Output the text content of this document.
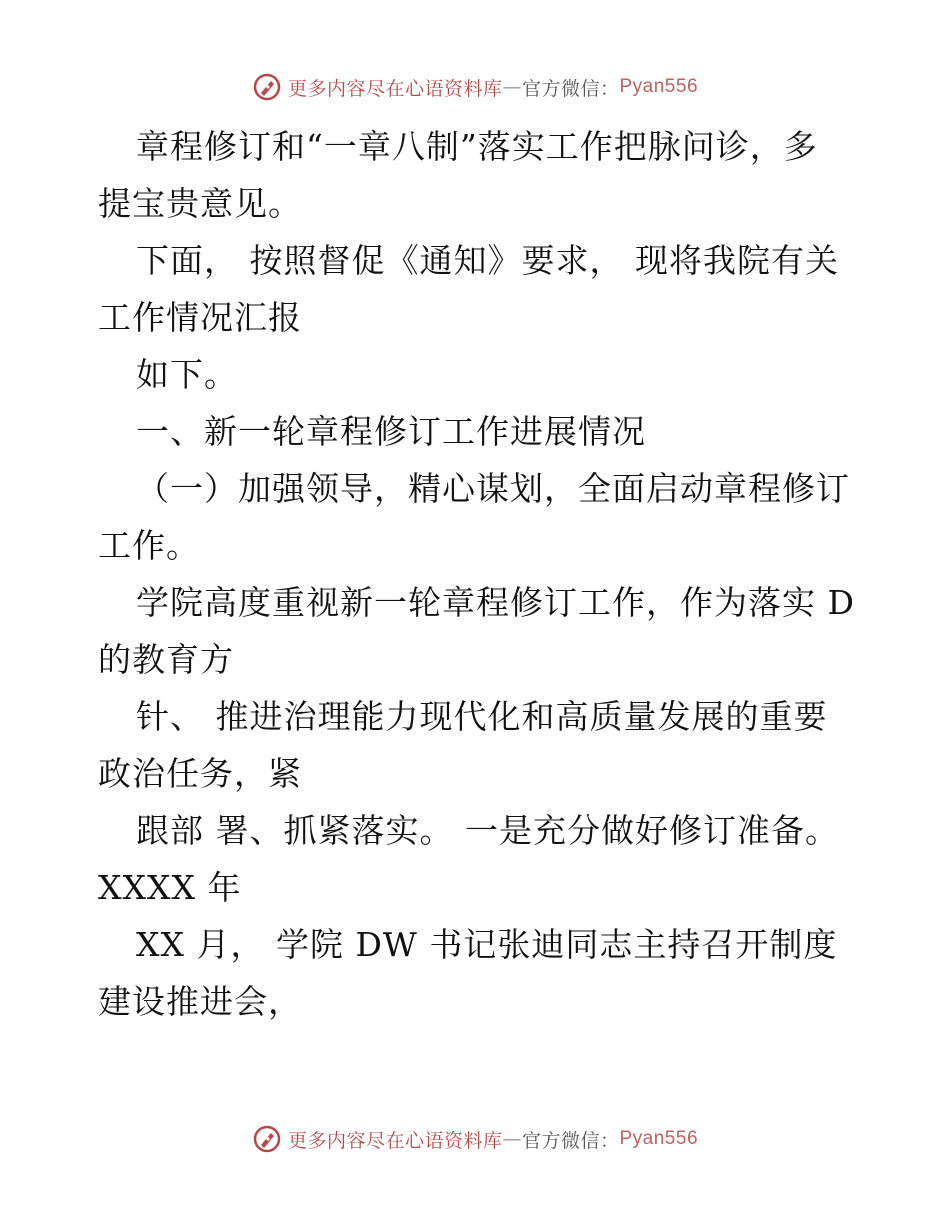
更多内容尽在心语资料库 — 官方微信： Pyan556
章程修订和“一章八制”落实工作把脉问诊，多
提宝贵意见。
下面， 按照督促《通知》要求， 现将我院有关
工作情况汇报
如下。
一、新一轮章程修订工作进展情况
（一）加强领导，精心谋划，全面启动章程修订
工作。
学院高度重视新一轮章程修订工作，作为落实 D
的教育方
针、 推进治理能力现代化和高质量发展的重要
政治任务，紧
跟部 署、抓紧落实。 一是充分做好修订准备。
XXXX 年
XX 月， 学院 DW 书记张迪同志主持召开制度
建设推进会，
更多内容尽在心语资料库 — 官方微信： Pyan556
